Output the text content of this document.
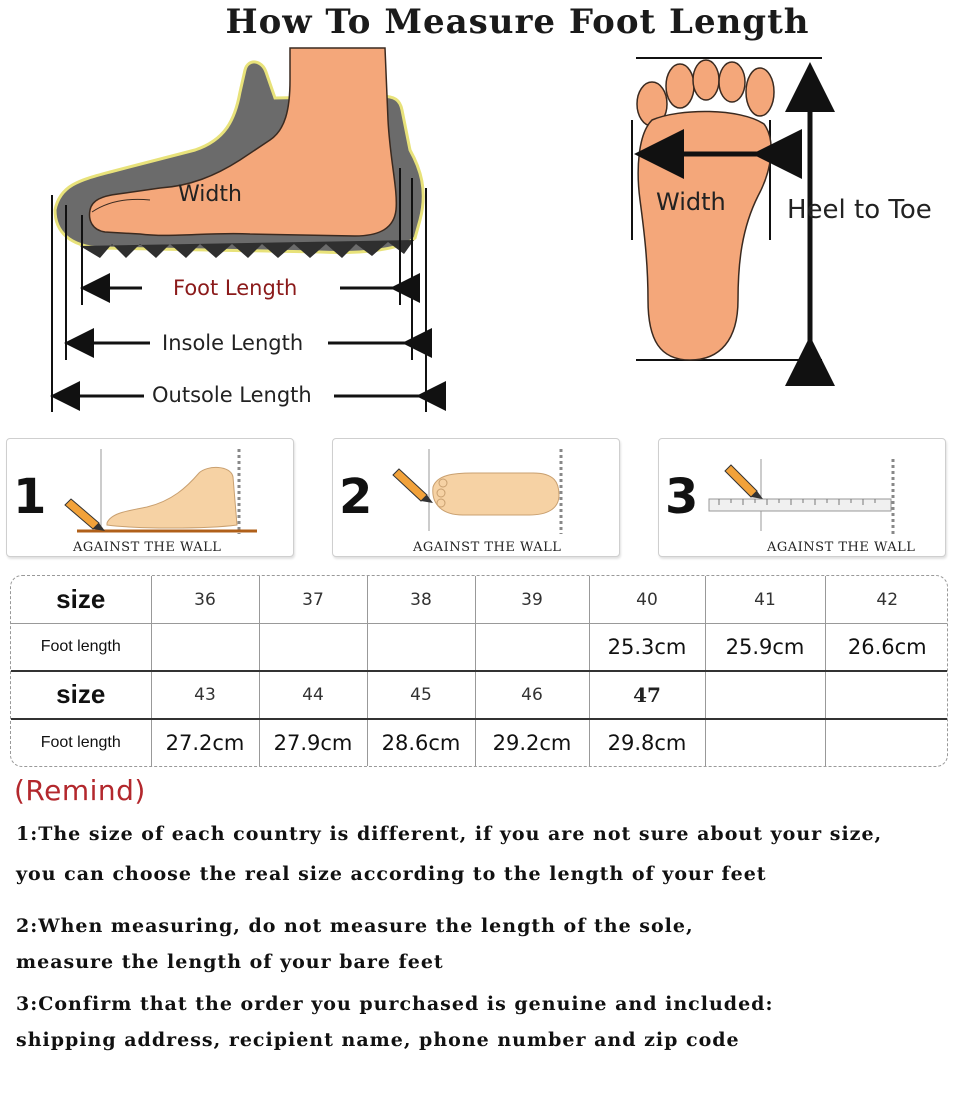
How To Measure Foot Length
Width
Foot Length
Insole Length
Outsole Length
Width Heel to Toe
1
AGAINST THE WALL
2
AGAINST THE WALL
3
AGAINST THE WALL
size	36	37	38	39	40	41	42

Foot length					25.3cm	25.9cm	26.6cm

size	43	44	45	46	47		

Foot length	27.2cm	27.9cm	28.6cm	29.2cm	29.8cm		
(Remind)
1:The size of each country is different, if you are not sure about your size,
you can choose the real size according to the length of your feet
2:When measuring, do not measure the length of the sole,
measure the length of your bare feet
3:Confirm that the order you purchased is genuine and included:
shipping address, recipient name, phone number and zip code
